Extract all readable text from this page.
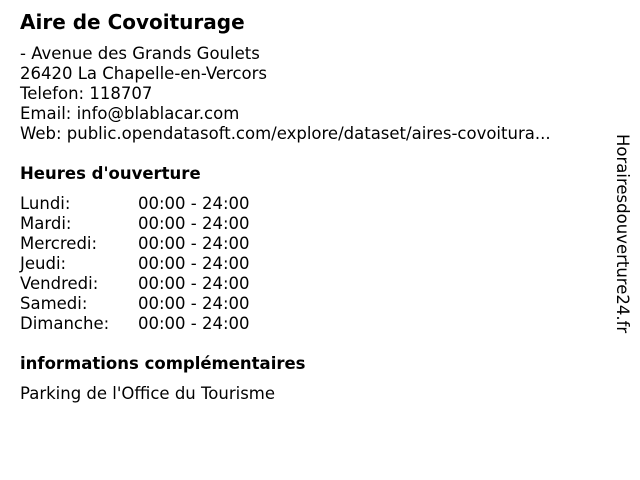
Aire de Covoiturage
- Avenue des Grands Goulets
26420 La Chapelle-en-Vercors
Telefon: 118707
Email: info@blablacar.com
Web: public.opendatasoft.com/explore/dataset/aires-covoitura...
Heures d'ouverture
Lundi:	00:00 - 24:00
Mardi:	00:00 - 24:00
Mercredi: 00:00 - 24:00
Jeudi:	00:00 - 24:00
Vendredi: 00:00 - 24:00
Samedi:	00:00 - 24:00
Dimanche: 00:00 - 24:00
informations complémentaires
Parking de l'Office du Tourisme
Horairesdouverture24.fr
